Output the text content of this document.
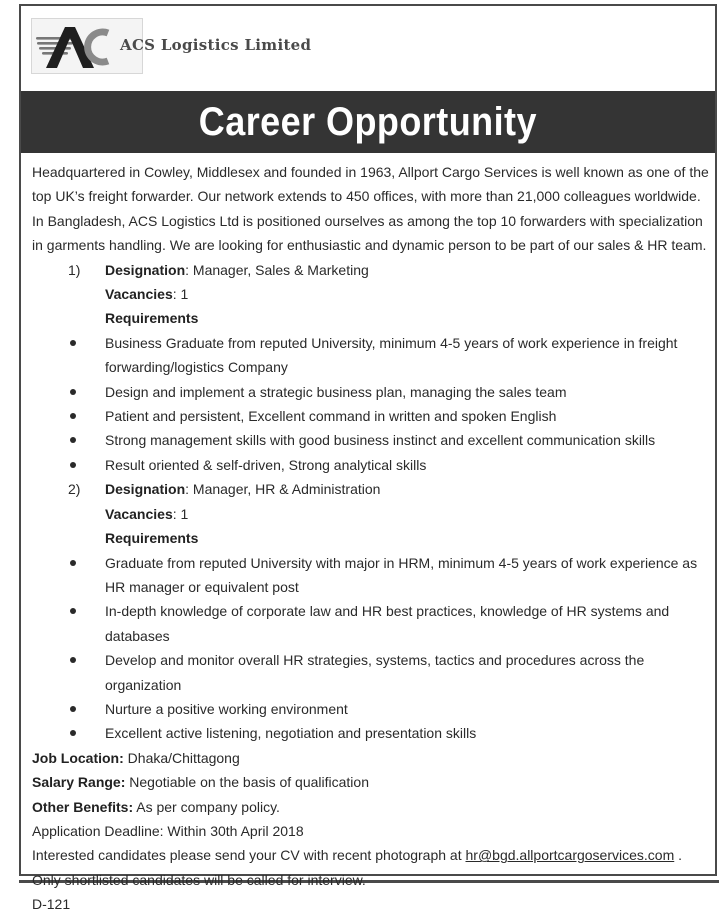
ACS Logistics Limited
Career Opportunity

Headquartered in Cowley, Middlesex and founded in 1963, Allport Cargo Services is well known as one of the top UK’s freight forwarder. Our network extends to 450 offices, with more than 21,000 colleagues worldwide. In Bangladesh, ACS Logistics Ltd is positioned ourselves as among the top 10 forwarders with specialization in garments handling. We are looking for enthusiastic and dynamic person to be part of our sales & HR team.

1) Designation: Manager, Sales & Marketing
Vacancies: 1
Requirements
Business Graduate from reputed University, minimum 4-5 years of work experience in freight forwarding/logistics Company
Design and implement a strategic business plan, managing the sales team
Patient and persistent, Excellent command in written and spoken English
Strong management skills with good business instinct and excellent communication skills
Result oriented & self-driven, Strong analytical skills
2) Designation: Manager, HR & Administration
Vacancies: 1
Requirements
Graduate from reputed University with major in HRM, minimum 4-5 years of work experience as HR manager or equivalent post
In-depth knowledge of corporate law and HR best practices, knowledge of HR systems and databases
Develop and monitor overall HR strategies, systems, tactics and procedures across the organization
Nurture a positive working environment
Excellent active listening, negotiation and presentation skills
Job Location: Dhaka/Chittagong
Salary Range: Negotiable on the basis of qualification
Other Benefits: As per company policy.
Application Deadline: Within 30th April 2018
Interested candidates please send your CV with recent photograph at hr@bgd.allportcargoservices.com . Only shortlisted candidates will be called for interview.
D-121
